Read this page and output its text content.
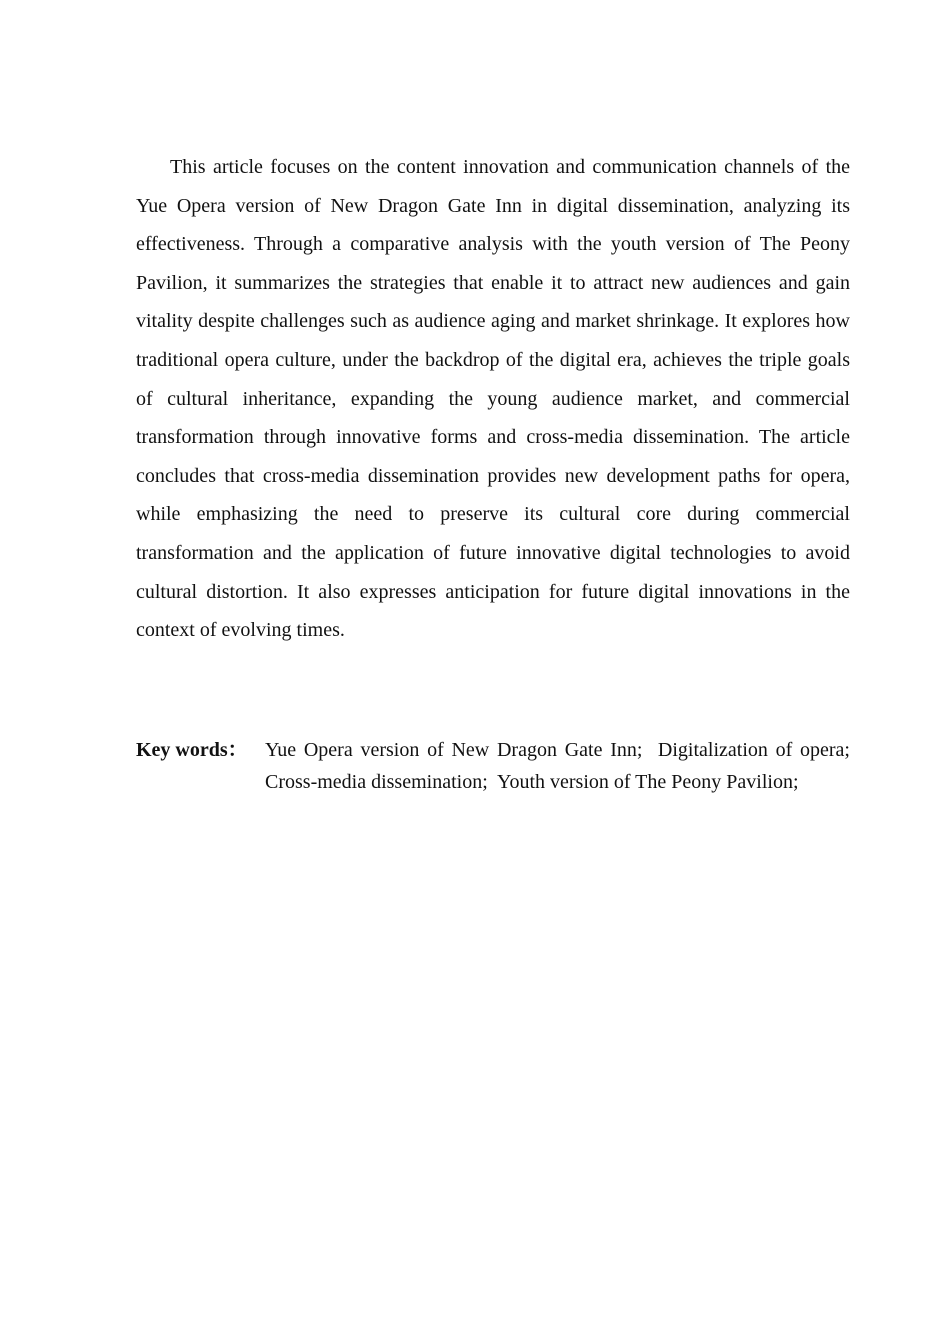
This article focuses on the content innovation and communication channels of the Yue Opera version of New Dragon Gate Inn in digital dissemination, analyzing its effectiveness. Through a comparative analysis with the youth version of The Peony Pavilion, it summarizes the strategies that enable it to attract new audiences and gain vitality despite challenges such as audience aging and market shrinkage. It explores how traditional opera culture, under the backdrop of the digital era, achieves the triple goals of cultural inheritance, expanding the young audience market, and commercial transformation through innovative forms and cross-media dissemination. The article concludes that cross-media dissemination provides new development paths for opera, while emphasizing the need to preserve its cultural core during commercial transformation and the application of future innovative digital technologies to avoid cultural distortion. It also expresses anticipation for future digital innovations in the context of evolving times.

Key words： Yue Opera version of New Dragon Gate Inn;  Digitalization of opera;  Cross-media dissemination;  Youth version of The Peony Pavilion;
